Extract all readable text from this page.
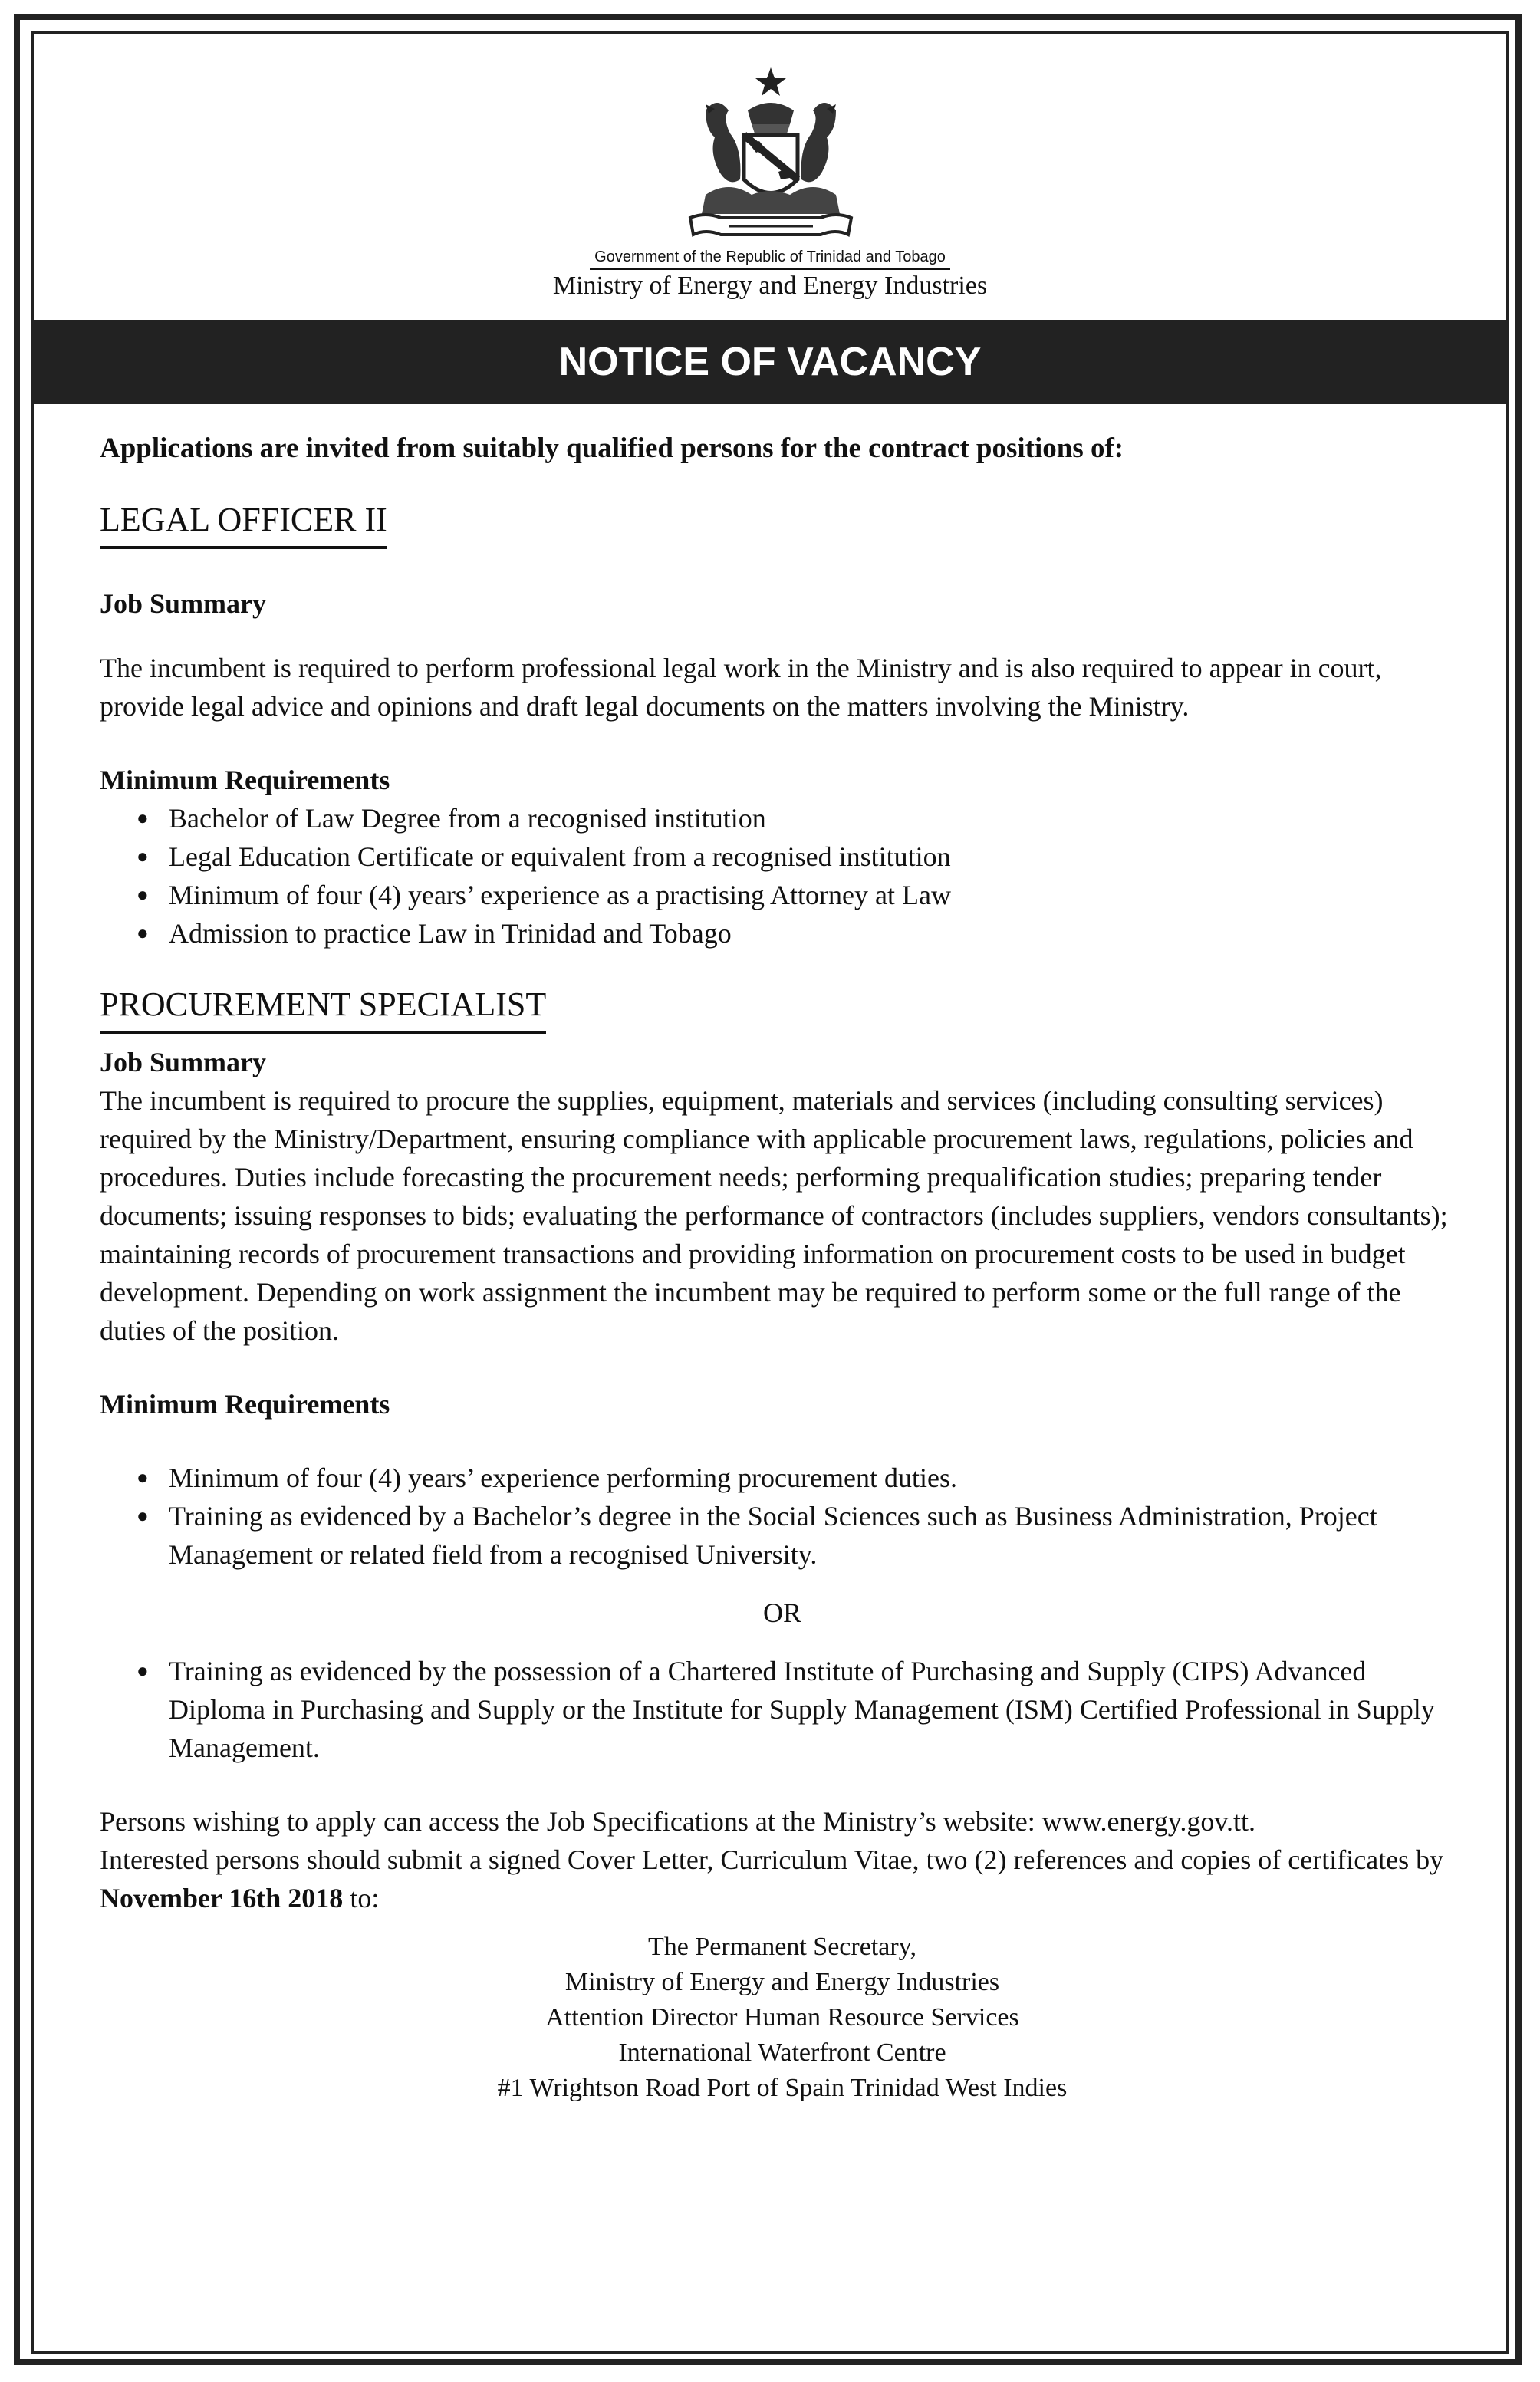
Government of the Republic of Trinidad and Tobago
Ministry of Energy and Energy Industries
NOTICE OF VACANCY

Applications are invited from suitably qualified persons for the contract positions of:

LEGAL OFFICER II

Job Summary

The incumbent is required to perform professional legal work in the Ministry and is also required to appear in court, provide legal advice and opinions and draft legal documents on the matters involving the Ministry.

Minimum Requirements

● Bachelor of Law Degree from a recognised institution
● Legal Education Certificate or equivalent from a recognised institution
● Minimum of four (4) years’ experience as a practising Attorney at Law
● Admission to practice Law in Trinidad and Tobago
PROCUREMENT SPECIALIST

Job Summary

The incumbent is required to procure the supplies, equipment, materials and services (including consulting services) required by the Ministry/Department, ensuring compliance with applicable procurement laws, regulations, policies and procedures. Duties include forecasting the procurement needs; performing prequalification studies; preparing tender documents; issuing responses to bids; evaluating the performance of contractors (includes suppliers, vendors consultants); maintaining records of procurement transactions and providing information on procurement costs to be used in budget development. Depending on work assignment the incumbent may be required to perform some or the full range of the duties of the position.

Minimum Requirements

● Minimum of four (4) years’ experience performing procurement duties.
● Training as evidenced by a Bachelor’s degree in the Social Sciences such as Business Administration, Project Management or related field from a recognised University.

OR

● Training as evidenced by the possession of a Chartered Institute of Purchasing and Supply (CIPS) Advanced Diploma in Purchasing and Supply or the Institute for Supply Management (ISM) Certified Professional in Supply Management.

Persons wishing to apply can access the Job Specifications at the Ministry’s website: www.energy.gov.tt.

Interested persons should submit a signed Cover Letter, Curriculum Vitae, two (2) references and copies of certificates by November 16th 2018 to:

The Permanent Secretary,
Ministry of Energy and Energy Industries
Attention Director Human Resource Services
International Waterfront Centre
#1 Wrightson Road Port of Spain Trinidad West Indies
